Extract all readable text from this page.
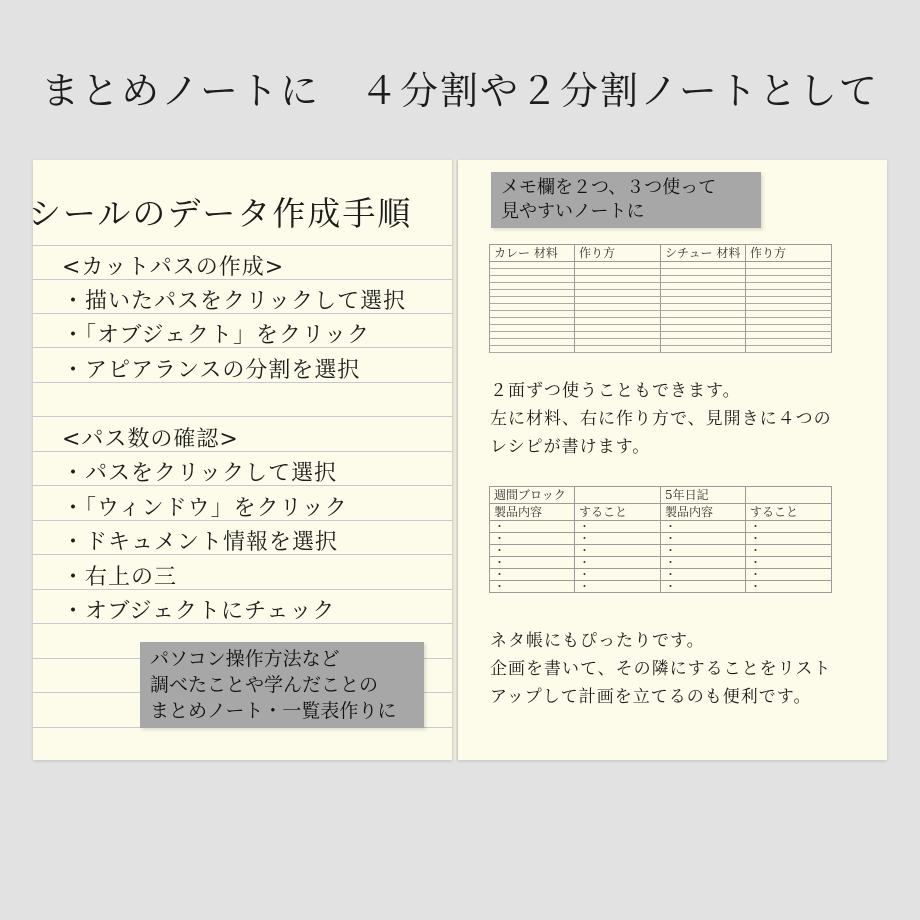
まとめノートに　４分割や２分割ノートとして
シールのデータ作成手順
<カットパスの作成>
・描いたパスをクリックして選択
・「オブジェクト」をクリック
・アピアランスの分割を選択
<パス数の確認>
・パスをクリックして選択
・「ウィンドウ」をクリック
・ドキュメント情報を選択
・右上の三
・オブジェクトにチェック
パソコン操作方法など
調べたことや学んだことの
まとめノート・一覧表作りに
メモ欄を２つ、３つ使って
見やすいノートに
カレー 材料	作り方	シチュー 材料	作り方

２面ずつ使うこともできます。
左に材料、右に作り方で、見開きに４つの
レシピが書けます。
週間ブロック		5年日記	
製品内容	すること	製品内容	すること
・	・	・	・
・	・	・	・
・	・	・	・
・	・	・	・
・	・	・	・
・	・	・	・
ネタ帳にもぴったりです。
企画を書いて、その隣にすることをリスト
アップして計画を立てるのも便利です。
